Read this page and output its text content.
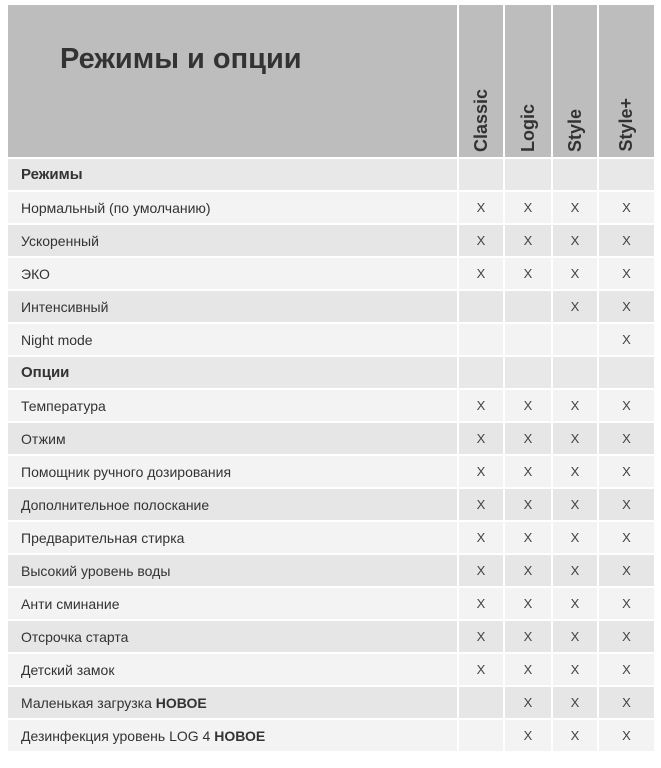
Режимы и опции	Classic	Logic	Style	Style+

Режимы				
Нормальный (по умолчанию)	X	X	X	X
Ускоренный	X	X	X	X
ЭКО	X	X	X	X
Интенсивный			X	X
Night mode				X
Опции				
Температура	X	X	X	X
Отжим	X	X	X	X
Помощник ручного дозирования	X	X	X	X
Дополнительное полоскание	X	X	X	X
Предварительная стирка	X	X	X	X
Высокий уровень воды	X	X	X	X
Анти сминание	X	X	X	X
Отсрочка старта	X	X	X	X
Детский замок	X	X	X	X
Маленькая загрузка НОВОЕ		X	X	X
Дезинфекция уровень LOG 4 НОВОЕ		X	X	X
